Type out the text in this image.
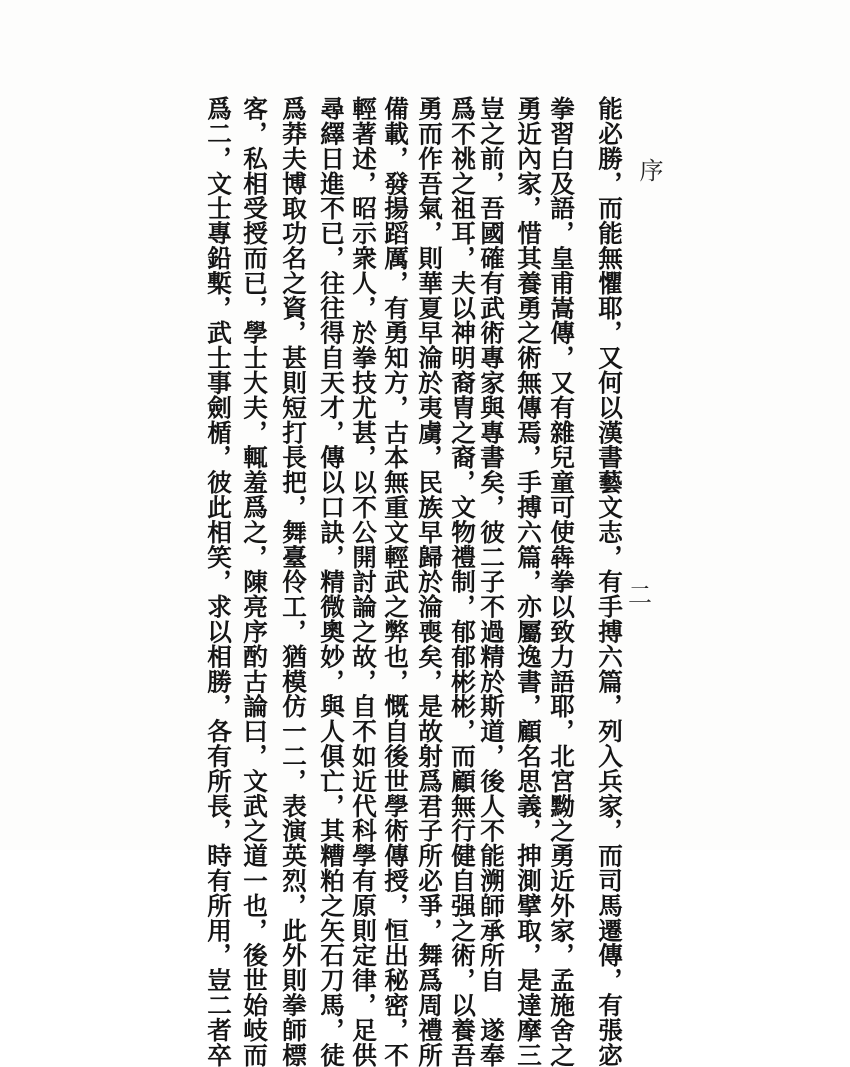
序
二
能必勝，而能無懼耶，又何以漢書藝文志，有手搏六篇，列入兵家，而司馬遷傳，有張宓
拳習白及語，皇甫嵩傳，又有雜兒童可使犇拳以致力語耶，北宮黝之勇近外家，孟施舍之
勇近內家，惜其養勇之術無傳焉，手搏六篇，亦屬逸書，顧名思義，抻測擘取，是達摩三
豈之前，吾國確有武術專家與專書矣，彼二子不過精於斯道，後人不能溯師承所自　遂奉
爲不祧之祖耳，夫以神明裔胄之裔，文物禮制，郁郁彬彬，而顧無行健自强之術，以養吾
勇而作吾氣，則華夏早淪於夷虜，民族早歸於淪喪矣，是故射爲君子所必爭，舞爲周禮所
備載，發揚蹈厲，有勇知方，古本無重文輕武之弊也，慨自後世學術傳授，恒出秘密，不
輕著述，昭示衆人，於拳技尤甚，以不公開討論之故，自不如近代科學有原則定律，足供
尋繹日進不已，往往得自天才，傳以口訣，精微奧妙，與人俱亡，其糟粕之矢石刀馬，徒
爲莽夫博取功名之資，甚則短打長把，舞臺伶工，猶模仿一二，表演英烈，此外則拳師標
客，私相受授而已，學士大夫，輒羞爲之，陳亮序酌古論曰，文武之道一也，後世始岐而
爲二，文士專鉛槧，武士事劍楯，彼此相笑，求以相勝，各有所長，時有所用，豈二者卒
